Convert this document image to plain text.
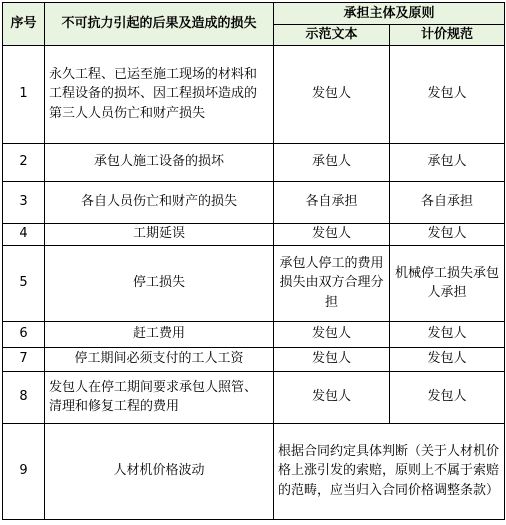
序号	不可抗力引起的后果及造成的损失	承担主体及原则	
		示范文本	计价规范
1	永久工程、已运至施工现场的材料和工程设备的损坏、因工程损坏造成的第三人人员伤亡和财产损失	发包人	发包人
2	承包人施工设备的损坏	承包人	承包人
3	各自人员伤亡和财产的损失	各自承担	各自承担
4	工期延误	发包人	发包人
5	停工损失	承包人停工的费用损失由双方合理分担	机械停工损失承包人承担
6	赶工费用	发包人	发包人
7	停工期间必须支付的工人工资	发包人	发包人
8	发包人在停工期间要求承包人照管、清理和修复工程的费用	发包人	发包人
9	人材机价格波动	根据合同约定具体判断（关于人材机价格上涨引发的索赔，原则上不属于索赔的范畴，应当归入合同价格调整条款）	
